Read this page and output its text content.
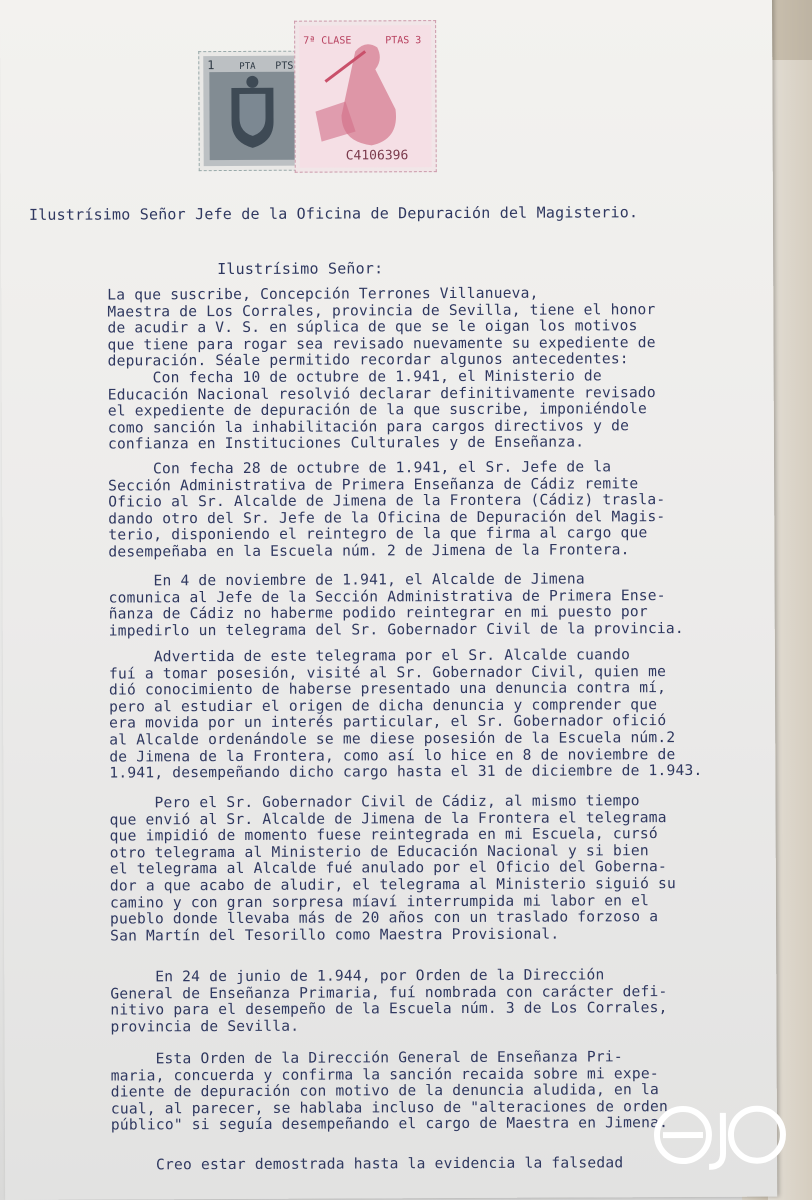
1	PTA PTS
7ª CLASE	PTAS 3
C4106396
Ilustrísimo Señor Jefe de la Oficina de Depuración del Magisterio.
Ilustrísimo Señor:
La que suscribe, Concepción Terrones Villanueva,
Maestra de Los Corrales, provincia de Sevilla, tiene el honor
de acudir a V. S. en súplica de que se le oigan los motivos
que tiene para rogar sea revisado nuevamente su expediente de
depuración. Séale permitido recordar algunos antecedentes:
Con fecha 10 de octubre de 1.941, el Ministerio de
Educación Nacional resolvió declarar definitivamente revisado
el expediente de depuración de la que suscribe, imponiéndole
como sanción la inhabilitación para cargos directivos y de
confianza en Instituciones Culturales y de Enseñanza.
Con fecha 28 de octubre de 1.941, el Sr. Jefe de la
Sección Administrativa de Primera Enseñanza de Cádiz remite
Oficio al Sr. Alcalde de Jimena de la Frontera (Cádiz) trasla-
dando otro del Sr. Jefe de la Oficina de Depuración del Magis-
terio, disponiendo el reintegro de la que firma al cargo que
desempeñaba en la Escuela núm. 2 de Jimena de la Frontera.
En 4 de noviembre de 1.941, el Alcalde de Jimena
comunica al Jefe de la Sección Administrativa de Primera Ense-
ñanza de Cádiz no haberme podido reintegrar en mi puesto por
impedirlo un telegrama del Sr. Gobernador Civil de la provincia.
Advertida de este telegrama por el Sr. Alcalde cuando
fuí a tomar posesión, visité al Sr. Gobernador Civil, quien me
dió conocimiento de haberse presentado una denuncia contra mí,
pero al estudiar el origen de dicha denuncia y comprender que
era movida por un interés particular, el Sr. Gobernador ofició
al Alcalde ordenándole se me diese posesión de la Escuela núm.2
de Jimena de la Frontera, como así lo hice en 8 de noviembre de
1.941, desempeñando dicho cargo hasta el 31 de diciembre de 1.943.
Pero el Sr. Gobernador Civil de Cádiz, al mismo tiempo
que envió al Sr. Alcalde de Jimena de la Frontera el telegrama
que impidió de momento fuese reintegrada en mi Escuela, cursó
otro telegrama al Ministerio de Educación Nacional y si bien
el telegrama al Alcalde fué anulado por el Oficio del Goberna-
dor a que acabo de aludir, el telegrama al Ministerio siguió su
camino y con gran sorpresa míaví interrumpida mi labor en el
pueblo donde llevaba más de 20 años con un traslado forzoso a
San Martín del Tesorillo como Maestra Provisional.
En 24 de junio de 1.944, por Orden de la Dirección
General de Enseñanza Primaria, fuí nombrada con carácter defi-
nitivo para el desempeño de la Escuela núm. 3 de Los Corrales,
provincia de Sevilla.
Esta Orden de la Dirección General de Enseñanza Pri-
maria, concuerda y confirma la sanción recaida sobre mi expe-
diente de depuración con motivo de la denuncia aludida, en la
cual, al parecer, se hablaba incluso de "alteraciones de orden
público" si seguía desempeñando el cargo de Maestra en Jimena.
Creo estar demostrada hasta la evidencia la falsedad
